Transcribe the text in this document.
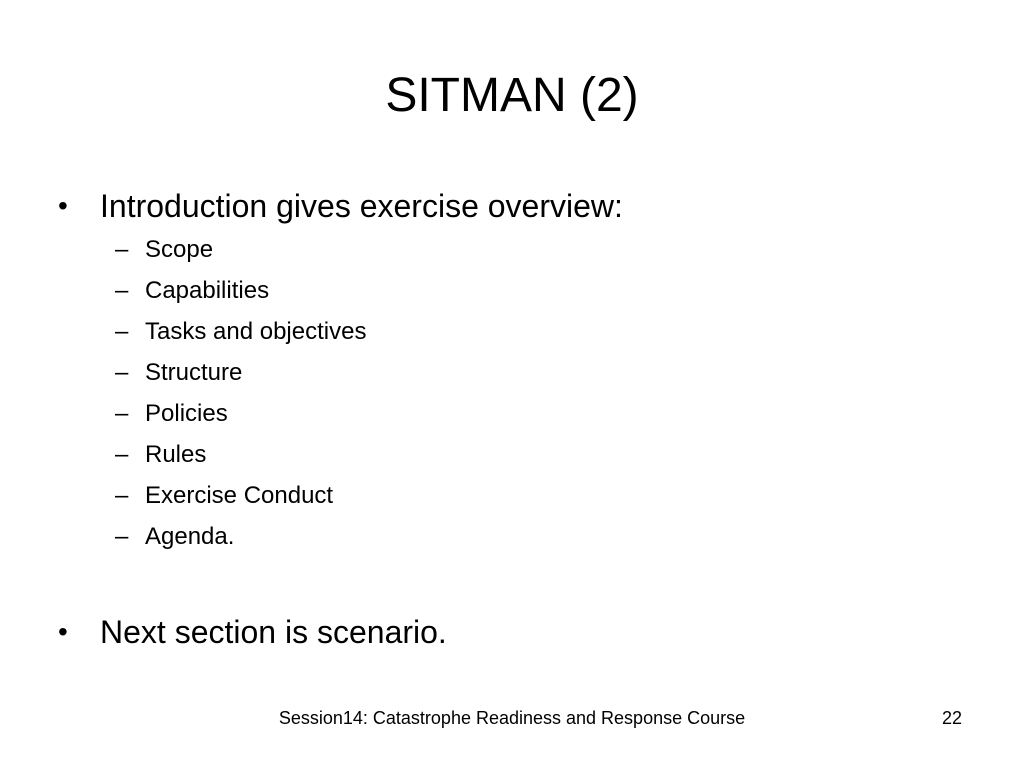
SITMAN (2)
• Introduction gives exercise overview:
– Scope
– Capabilities
– Tasks and objectives
– Structure
– Policies
– Rules
– Exercise Conduct
– Agenda.
• Next section is scenario.
Session14: Catastrophe Readiness and Response Course	22
